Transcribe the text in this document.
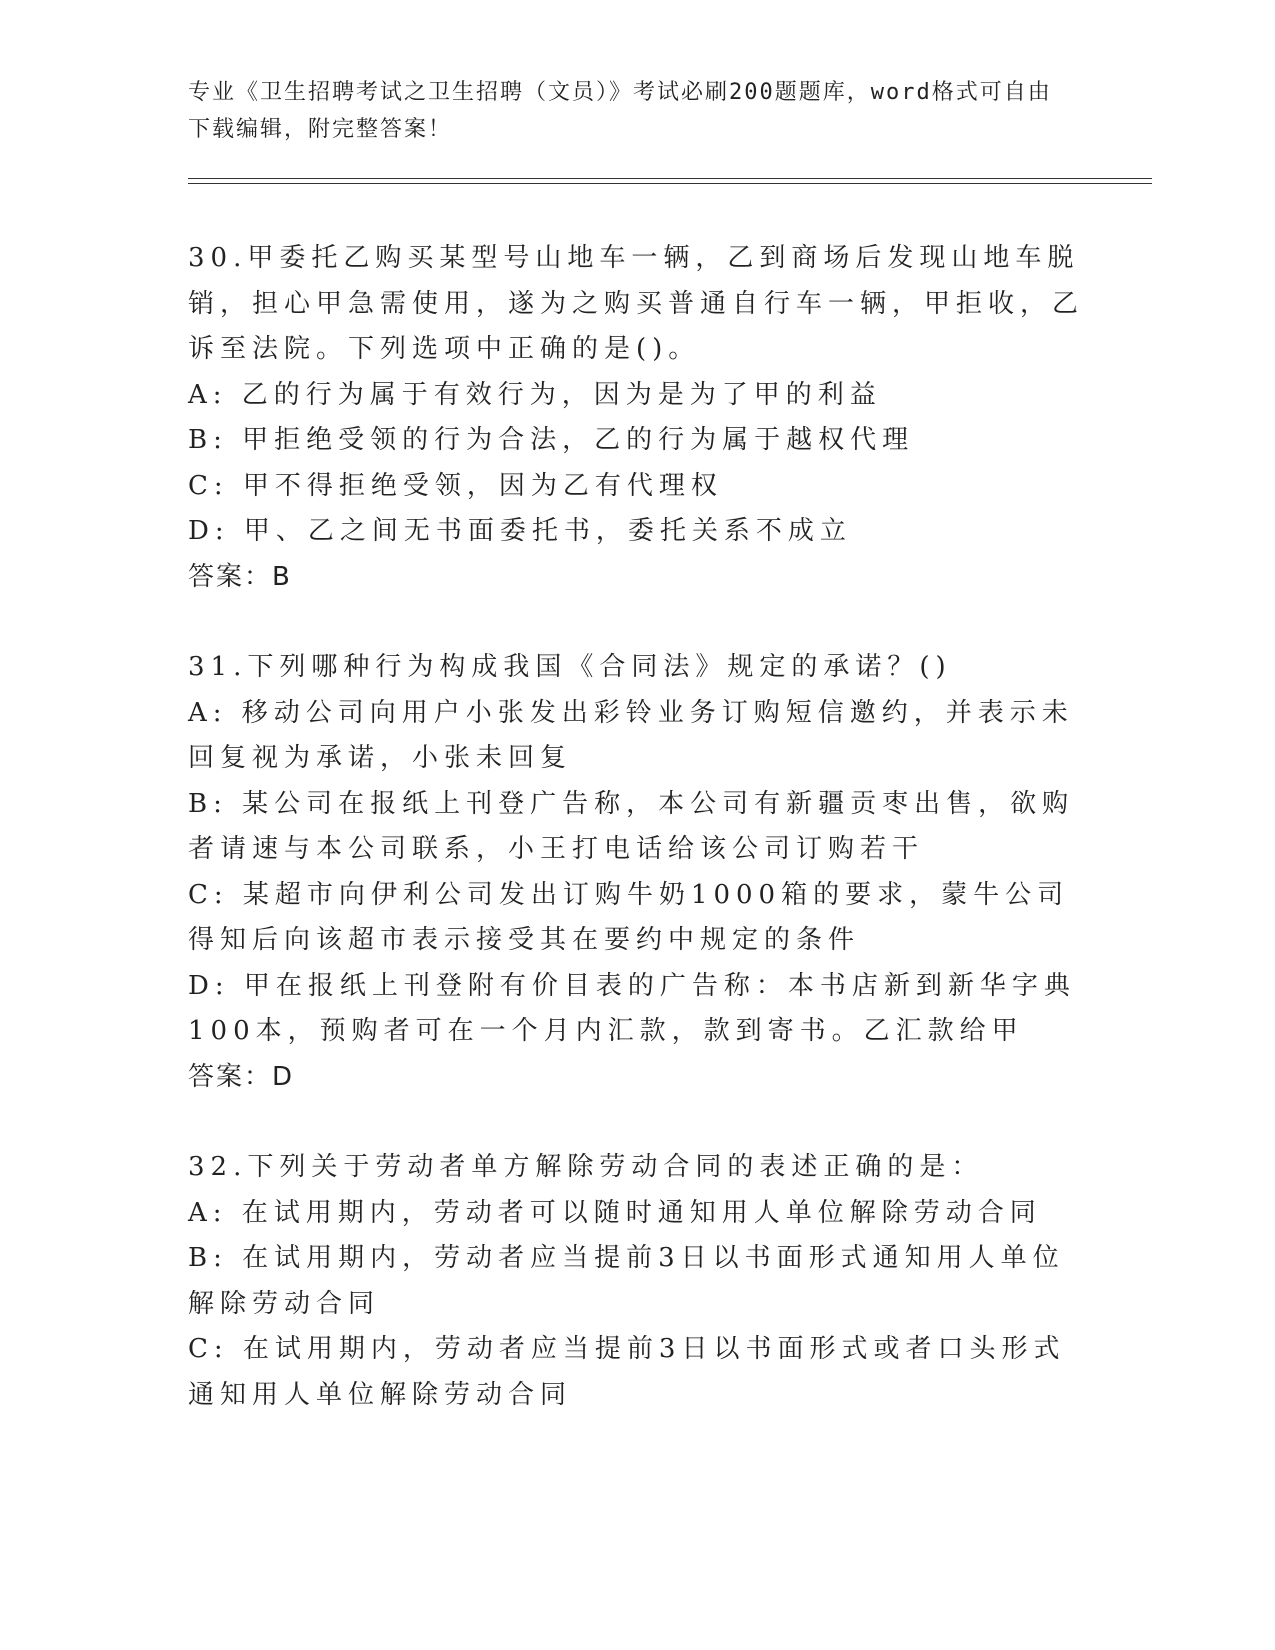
专业《卫生招聘考试之卫生招聘（文员）》考试必刷200题题库，word格式可自由下载编辑，附完整答案！

30.甲委托乙购买某型号山地车一辆，乙到商场后发现山地车脱销，担心甲急需使用，遂为之购买普通自行车一辆，甲拒收，乙诉至法院。下列选项中正确的是()。

A: 乙的行为属于有效行为，因为是为了甲的利益

B: 甲拒绝受领的行为合法，乙的行为属于越权代理

C: 甲不得拒绝受领，因为乙有代理权

D: 甲、乙之间无书面委托书，委托关系不成立

答案：B

31.下列哪种行为构成我国《合同法》规定的承诺？()

A: 移动公司向用户小张发出彩铃业务订购短信邀约，并表示未回复视为承诺，小张未回复

B: 某公司在报纸上刊登广告称，本公司有新疆贡枣出售，欲购者请速与本公司联系，小王打电话给该公司订购若干

C: 某超市向伊利公司发出订购牛奶1000箱的要求，蒙牛公司得知后向该超市表示接受其在要约中规定的条件

D: 甲在报纸上刊登附有价目表的广告称：本书店新到新华字典100本，预购者可在一个月内汇款，款到寄书。乙汇款给甲

答案：D

32.下列关于劳动者单方解除劳动合同的表述正确的是：

A: 在试用期内，劳动者可以随时通知用人单位解除劳动合同

B: 在试用期内，劳动者应当提前3日以书面形式通知用人单位解除劳动合同

C: 在试用期内，劳动者应当提前3日以书面形式或者口头形式通知用人单位解除劳动合同
